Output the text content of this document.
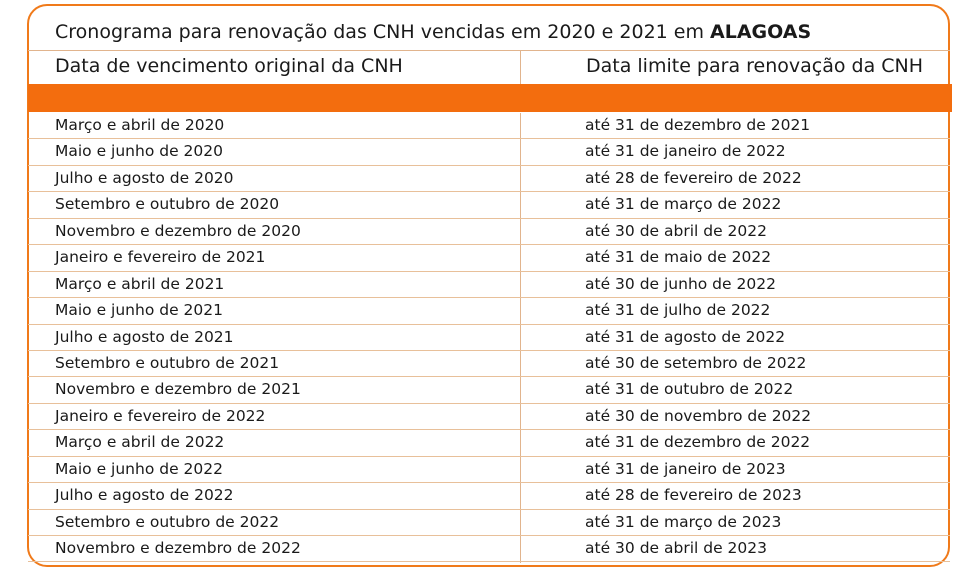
Cronograma para renovação das CNH vencidas em 2020 e 2021 em ALAGOAS
Data de vencimento original da CNH	Data limite para renovação da CNH
Março e abril de 2020	até 31 de dezembro de 2021
Maio e junho de 2020	até 31 de janeiro de 2022
Julho e agosto de 2020	até 28 de fevereiro de 2022
Setembro e outubro de 2020	até 31 de março de 2022
Novembro e dezembro de 2020	até 30 de abril de 2022
Janeiro e fevereiro de 2021	até 31 de maio de 2022
Março e abril de 2021	até 30 de junho de 2022
Maio e junho de 2021	até 31 de julho de 2022
Julho e agosto de 2021	até 31 de agosto de 2022
Setembro e outubro de 2021	até 30 de setembro de 2022
Novembro e dezembro de 2021	até 31 de outubro de 2022
Janeiro e fevereiro de 2022	até 30 de novembro de 2022
Março e abril de 2022	até 31 de dezembro de 2022
Maio e junho de 2022	até 31 de janeiro de 2023
Julho e agosto de 2022	até 28 de fevereiro de 2023
Setembro e outubro de 2022	até 31 de março de 2023
Novembro e dezembro de 2022	até 30 de abril de 2023
